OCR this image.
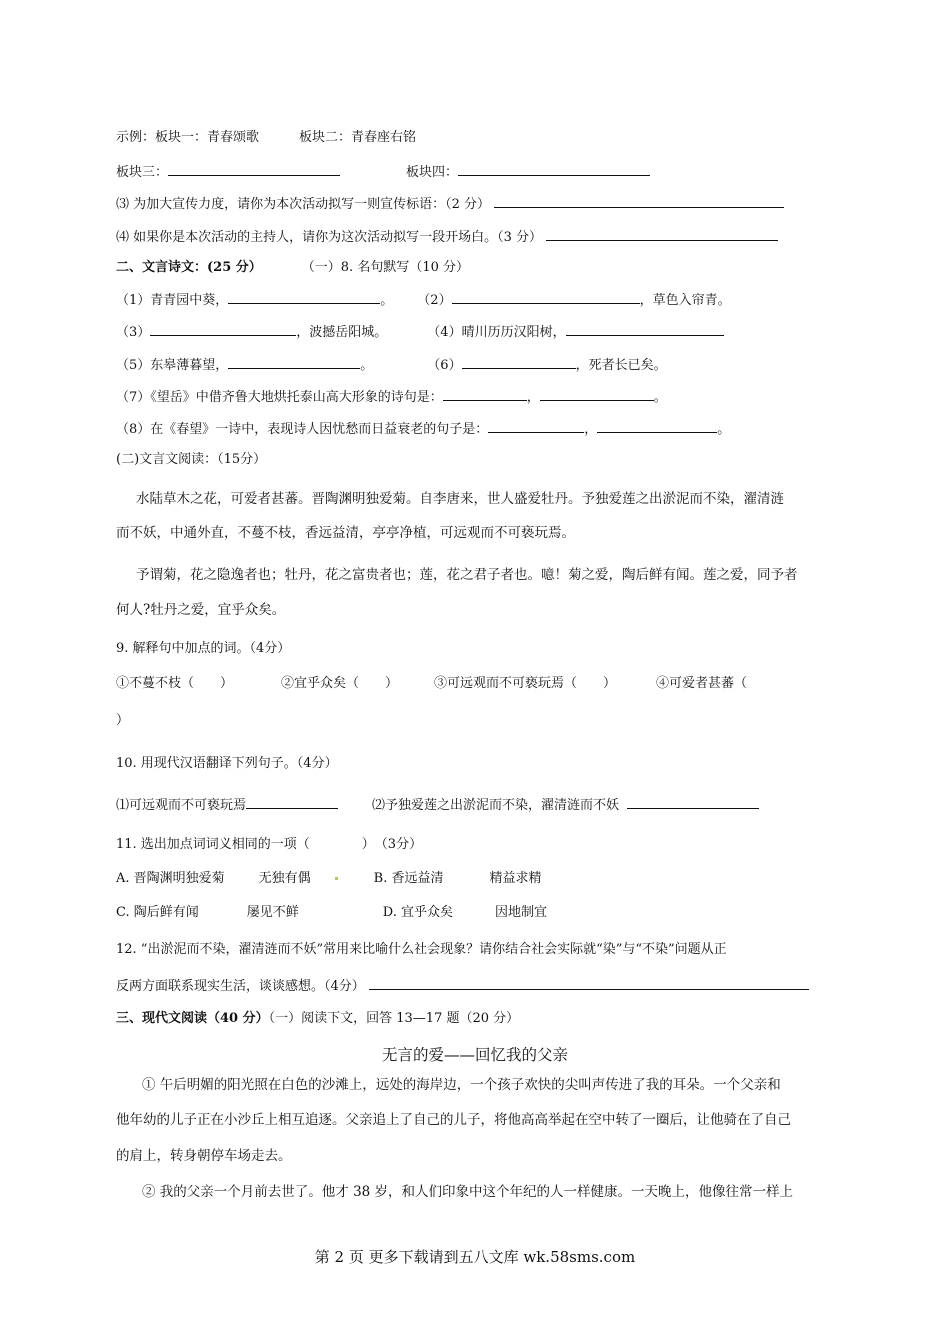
示例：板块一：青春颂歌	板块二：青春座右铭
板块三：	板块四：
⑶ 为加大宣传力度，请你为本次活动拟写一则宣传标语：（2 分）
⑷ 如果你是本次活动的主持人，请你为这次活动拟写一段开场白。（3 分）
二、文言诗文：(25 分）	（一）8. 名句默写（10 分）
（1）青青园中葵，	。 （2）	，草色入帘青。
（3）	，波撼岳阳城。	（4）晴川历历汉阳树，
（5）东皋薄暮望，	。	（6）	，死者长已矣。
（7）《望岳》中借齐鲁大地烘托泰山高大形象的诗句是：	，	。
（8）在《春望》一诗中，表现诗人因忧愁而日益衰老的句子是：	，	。
(二)文言文阅读：（15分）
水陆草木之花，可爱者甚蕃。晋陶渊明独爱菊。自李唐来，世人盛爱牡丹。予独爱莲之出淤泥而不染，濯清涟
而不妖，中通外直，不蔓不枝，香远益清，亭亭净植，可远观而不可亵玩焉。
予谓菊，花之隐逸者也；牡丹，花之富贵者也；莲，花之君子者也。噫！菊之爱，陶后鲜有闻。莲之爱，同予者
何人?牡丹之爱，宜乎众矣。
9. 解释句中加点的词。（4分）
①不蔓不枝（　　）	②宜乎众矣（　　）	③可远观而不可亵玩焉（　　）	④可爱者甚蕃（
）
10. 用现代汉语翻译下列句子。（4分）
⑴可远观而不可亵玩焉	⑵予独爱莲之出淤泥而不染，濯清涟而不妖
11. 选出加点词词义相同的一项（　　　　）　（3分）
A. 晋陶渊明独爱菊	无独有偶	B. 香远益清	精益求精
C. 陶后鲜有闻	屡见不鲜	D. 宜乎众矣	因地制宜
12. “出淤泥而不染，濯清涟而不妖”常用来比喻什么社会现象？请你结合社会实际就“染”与“不染”问题从正
反两方面联系现实生活，谈谈感想。（4分）
三、现代文阅读（40 分）（一）阅读下文，回答 13—17 题（20 分）
无言的爱——回忆我的父亲
① 午后明媚的阳光照在白色的沙滩上，远处的海岸边，一个孩子欢快的尖叫声传进了我的耳朵。一个父亲和
他年幼的儿子正在小沙丘上相互追逐。父亲追上了自己的儿子，将他高高举起在空中转了一圈后，让他骑在了自己
的肩上，转身朝停车场走去。
② 我的父亲一个月前去世了。他才 38 岁，和人们印象中这个年纪的人一样健康。一天晚上，他像往常一样上
第 2 页 更多下载请到五八文库 wk.58sms.com
